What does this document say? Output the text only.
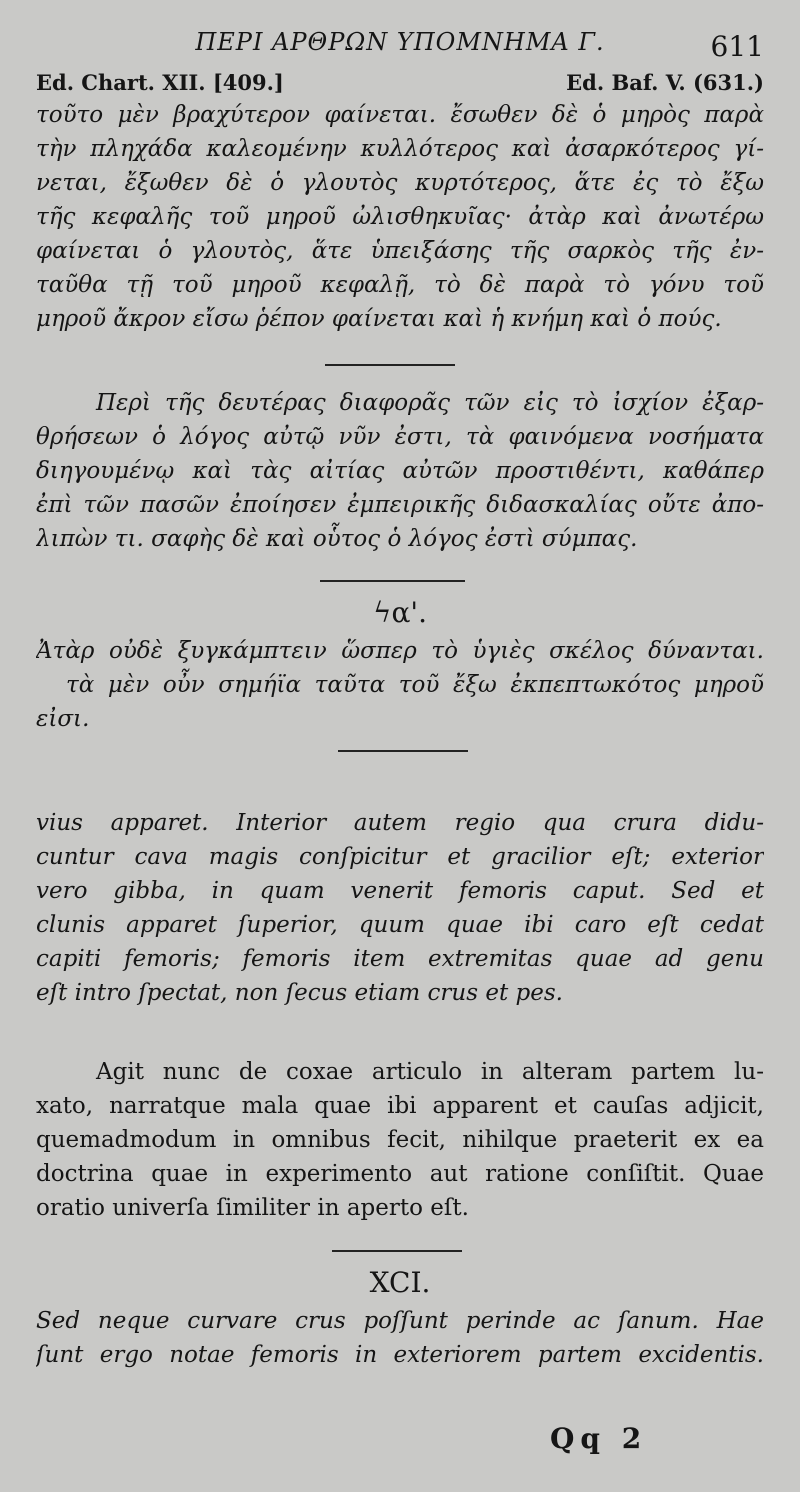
ΠΕΡΙ ΑΡΘΡΩΝ ΥΠΟΜΝΗΜΑ Γ.	611
Ed. Chart. XII. [409.]	Ed. Baf. V. (631.)
τοῦτο μὲν βραχύτερον φαίνεται. ἔσωθεν δὲ ὁ μηρὸς παρὰ
τὴν πληχάδα καλεομένην κυλλότερος καὶ ἀσαρκότερος γί-
νεται, ἔξωθεν δὲ ὁ γλουτὸς κυρτότερος, ἅτε ἐς τὸ ἔξω
τῆς κεφαλῆς τοῦ μηροῦ ὠλισθηκυῖας· ἀτὰρ καὶ ἀνωτέρω
φαίνεται ὁ γλουτὸς, ἅτε ὑπειξάσης τῆς σαρκὸς τῆς ἐν-
ταῦθα τῇ τοῦ μηροῦ κεφαλῇ, τὸ δὲ παρὰ τὸ γόνυ τοῦ
μηροῦ ἄκρον εἴσω ῥέπον φαίνεται καὶ ἡ κνήμη καὶ ὁ πούς.
Περὶ τῆς δευτέρας διαφορᾶς τῶν εἰς τὸ ἰσχίον ἐξαρ-
θρήσεων ὁ λόγος αὐτῷ νῦν ἐστι, τὰ φαινόμενα νοσήματα
διηγουμένῳ καὶ τὰς αἰτίας αὐτῶν προστιθέντι, καθάπερ
ἐπὶ τῶν πασῶν ἐποίησεν ἐμπειρικῆς διδασκαλίας οὔτε ἀπο-
λιπὼν τι. σαφὴς δὲ καὶ οὗτος ὁ λόγος ἐστὶ σύμπας.
ϟα'.
Ἀτὰρ οὐδὲ ξυγκάμπτειν ὥσπερ τὸ ὑγιὲς σκέλος δύνανται.
τὰ μὲν οὖν σημήϊα ταῦτα τοῦ ἔξω ἐκπεπτωκότος μηροῦ
εἰσι.
vius apparet. Interior autem regio qua crura didu-
cuntur cava magis conſpicitur et gracilior eſt; exterior
vero gibba, in quam venerit femoris caput. Sed et
clunis apparet ſuperior, quum quae ibi caro eſt cedat
capiti femoris; femoris item extremitas quae ad genu
eſt intro ſpectat, non ſecus etiam crus et pes.
Agit nunc de coxae articulo in alteram partem lu-
xato, narratque mala quae ibi apparent et cauſas adjicit,
quemadmodum in omnibus fecit, nihilque praeterit ex ea
doctrina quae in experimento aut ratione conſiſtit. Quae
oratio univerſa ſimiliter in aperto eſt.
XCI.
Sed neque curvare crus poſſunt perinde ac ſanum. Hae
ſunt ergo notae femoris in exteriorem partem excidentis.
Qq 2
